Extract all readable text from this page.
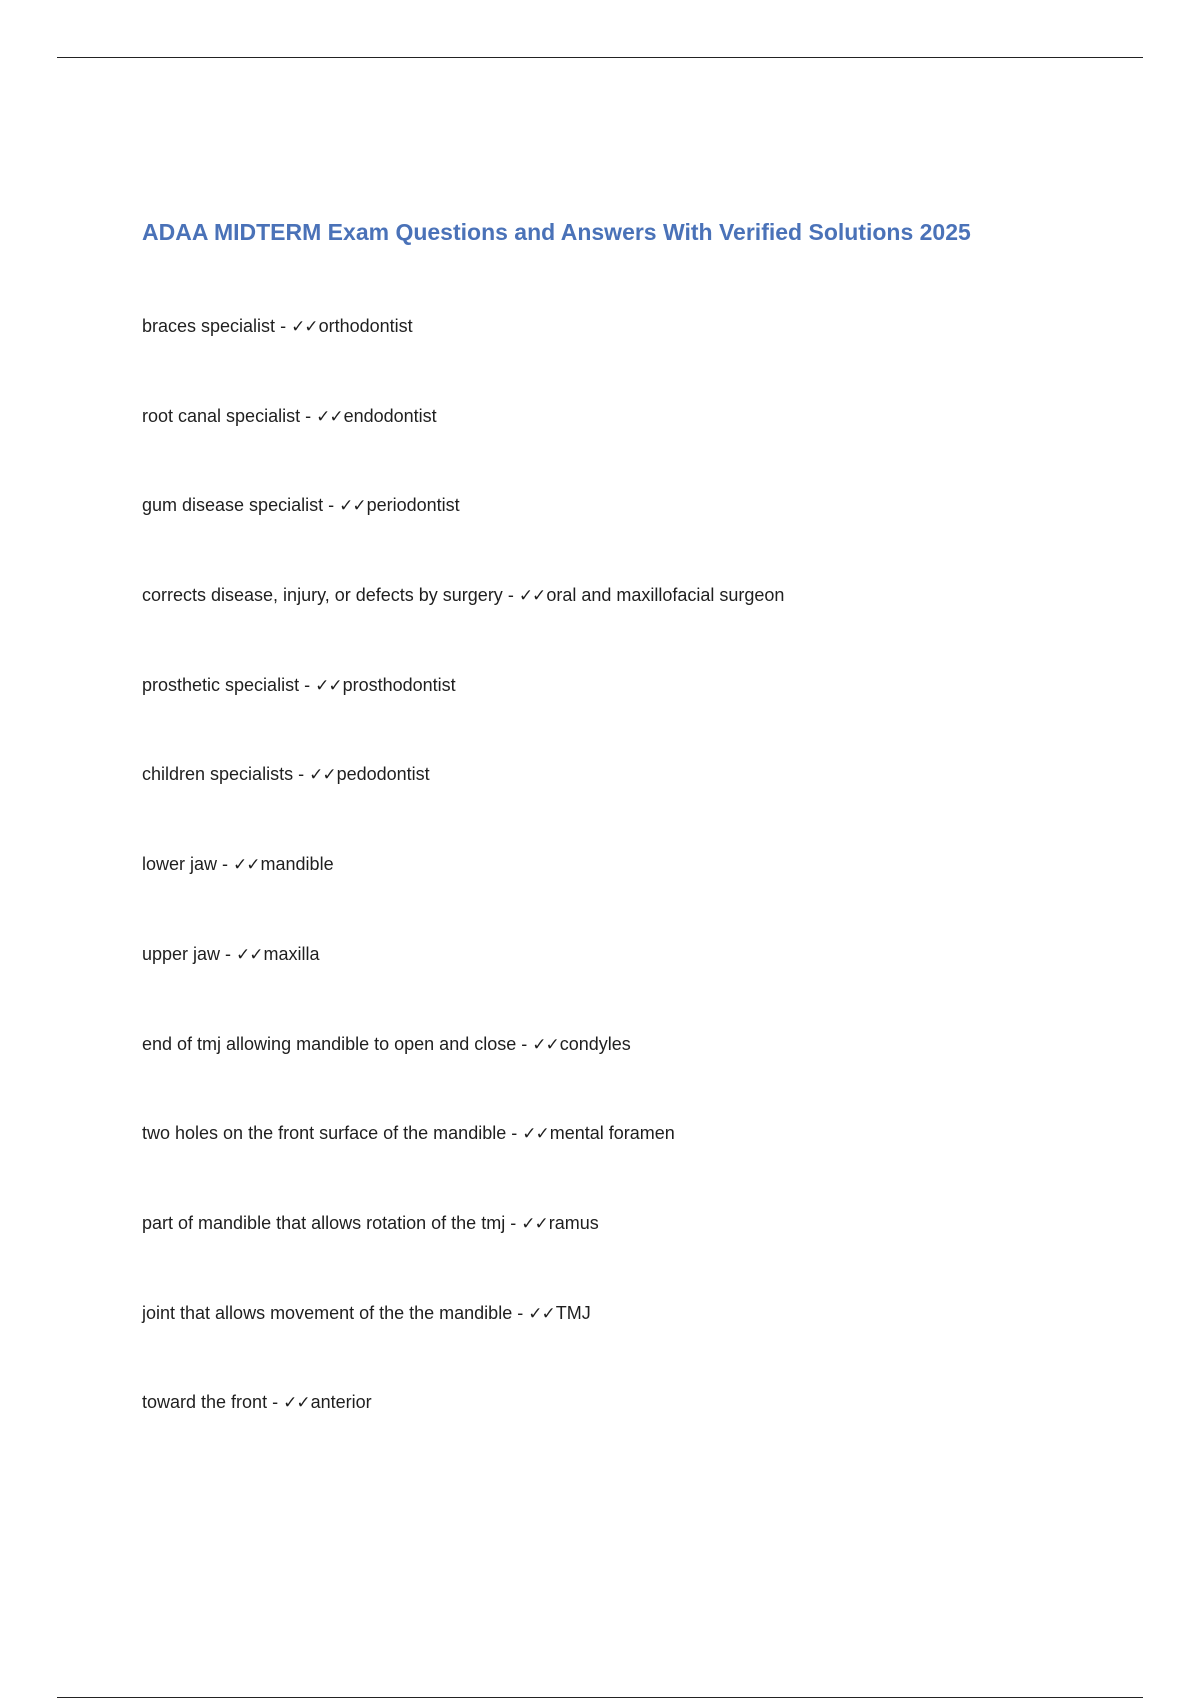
ADAA MIDTERM Exam Questions and Answers With Verified Solutions 2025
braces specialist - ✓✓orthodontist
root canal specialist - ✓✓endodontist
gum disease specialist - ✓✓periodontist
corrects disease, injury, or defects by surgery - ✓✓oral and maxillofacial surgeon
prosthetic specialist - ✓✓prosthodontist
children specialists - ✓✓pedodontist
lower jaw - ✓✓mandible
upper jaw - ✓✓maxilla
end of tmj allowing mandible to open and close - ✓✓condyles
two holes on the front surface of the mandible - ✓✓mental foramen
part of mandible that allows rotation of the tmj - ✓✓ramus
joint that allows movement of the the mandible - ✓✓TMJ
toward the front - ✓✓anterior
